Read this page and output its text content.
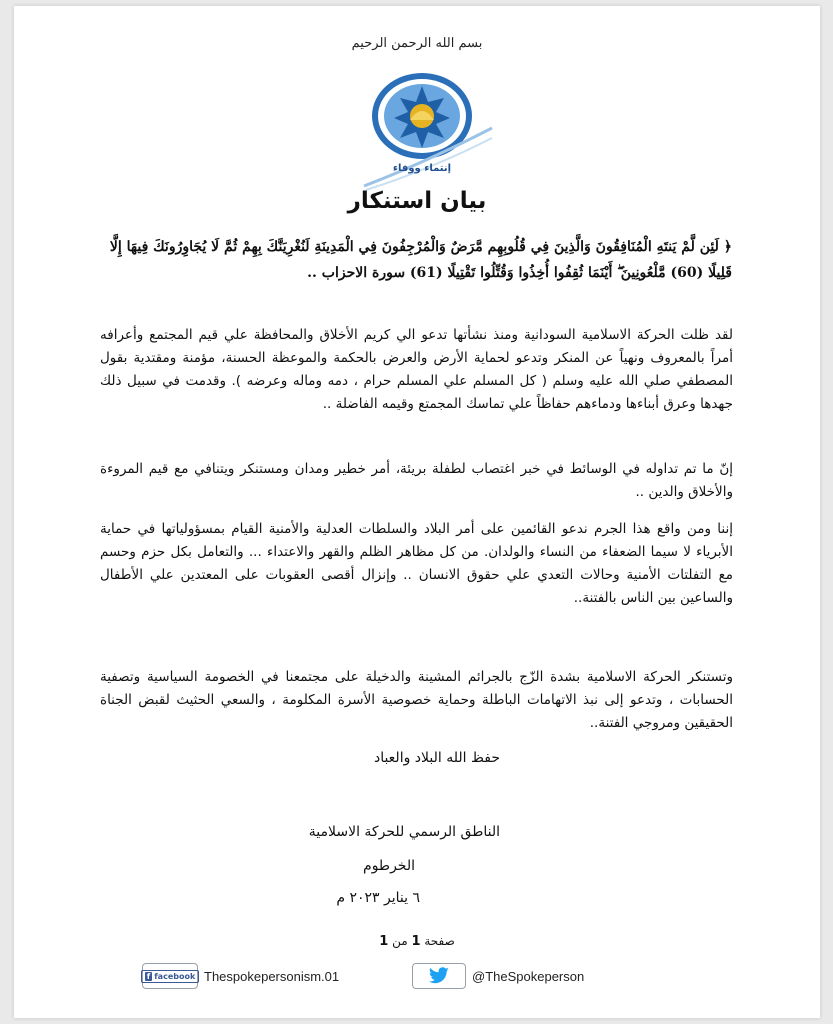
بسم الله الرحمن الرحيم
إنتماء ووفاء
بيان استنكار
﴿ لَئِن لَّمْ يَنتَهِ الْمُنَافِقُونَ وَالَّذِينَ فِي قُلُوبِهِم مَّرَضٌ وَالْمُرْجِفُونَ فِي الْمَدِينَةِ لَنُغْرِيَنَّكَ بِهِمْ ثُمَّ لَا يُجَاوِرُونَكَ فِيهَا إِلَّا قَلِيلًا (60) مَّلْعُونِينَ ۖ أَيْنَمَا ثُقِفُوا أُخِذُوا وَقُتِّلُوا تَقْتِيلًا (61) سورة الاحزاب ..
لقد ظلت الحركة الاسلامية السودانية ومنذ نشأتها تدعو الي كريم الأخلاق والمحافظة علي قيم المجتمع وأعرافه أمراً بالمعروف ونهياً عن المنكر وتدعو لحماية الأرض والعرض بالحكمة والموعظة الحسنة، مؤمنة ومقتدية بقول المصطفي صلي الله عليه وسلم ( كل المسلم علي المسلم حرام ، دمه وماله وعرضه ). وقدمت في سبيل ذلك جهدها وعرق أبناءها ودماءهم حفاظاً علي تماسك المجمتع وقيمه الفاضلة ..
إنّ ما تم تداوله في الوسائط في خبر اغتصاب لطفلة بريئة، أمر خطير ومدان ومستنكر ويتنافي مع قيم المروءة والأخلاق والدين ..
إننا ومن واقع هذا الجرم ندعو القائمين على أمر البلاد والسلطات العدلية والأمنية القيام بمسؤولياتها في حماية الأبرياء لا سيما الضعفاء من النساء والولدان. من كل مظاهر الظلم والقهر والاعتداء ... والتعامل بكل حزم وحسم مع التفلتات الأمنية وحالات التعدي علي حقوق الانسان .. وإنزال أقصى العقوبات على المعتدين علي الأطفال والساعين بين الناس بالفتنة..
وتستنكر الحركة الاسلامية بشدة الزّج بالجرائم المشينة والدخيلة على مجتمعنا في الخصومة السياسية وتصفية الحسابات ، وتدعو إلى نبذ الاتهامات الباطلة وحماية خصوصية الأسرة المكلومة ، والسعي الحثيث لقبض الجناة الحقيقين ومروجي الفتنة..
حفظ الله البلاد والعباد
الناطق الرسمي للحركة الاسلامية
الخرطوم
٦ يناير ٢٠٢٣ م
صفحة 1 من 1
f facebook Thespokepersonism.01	@TheSpokeperson
